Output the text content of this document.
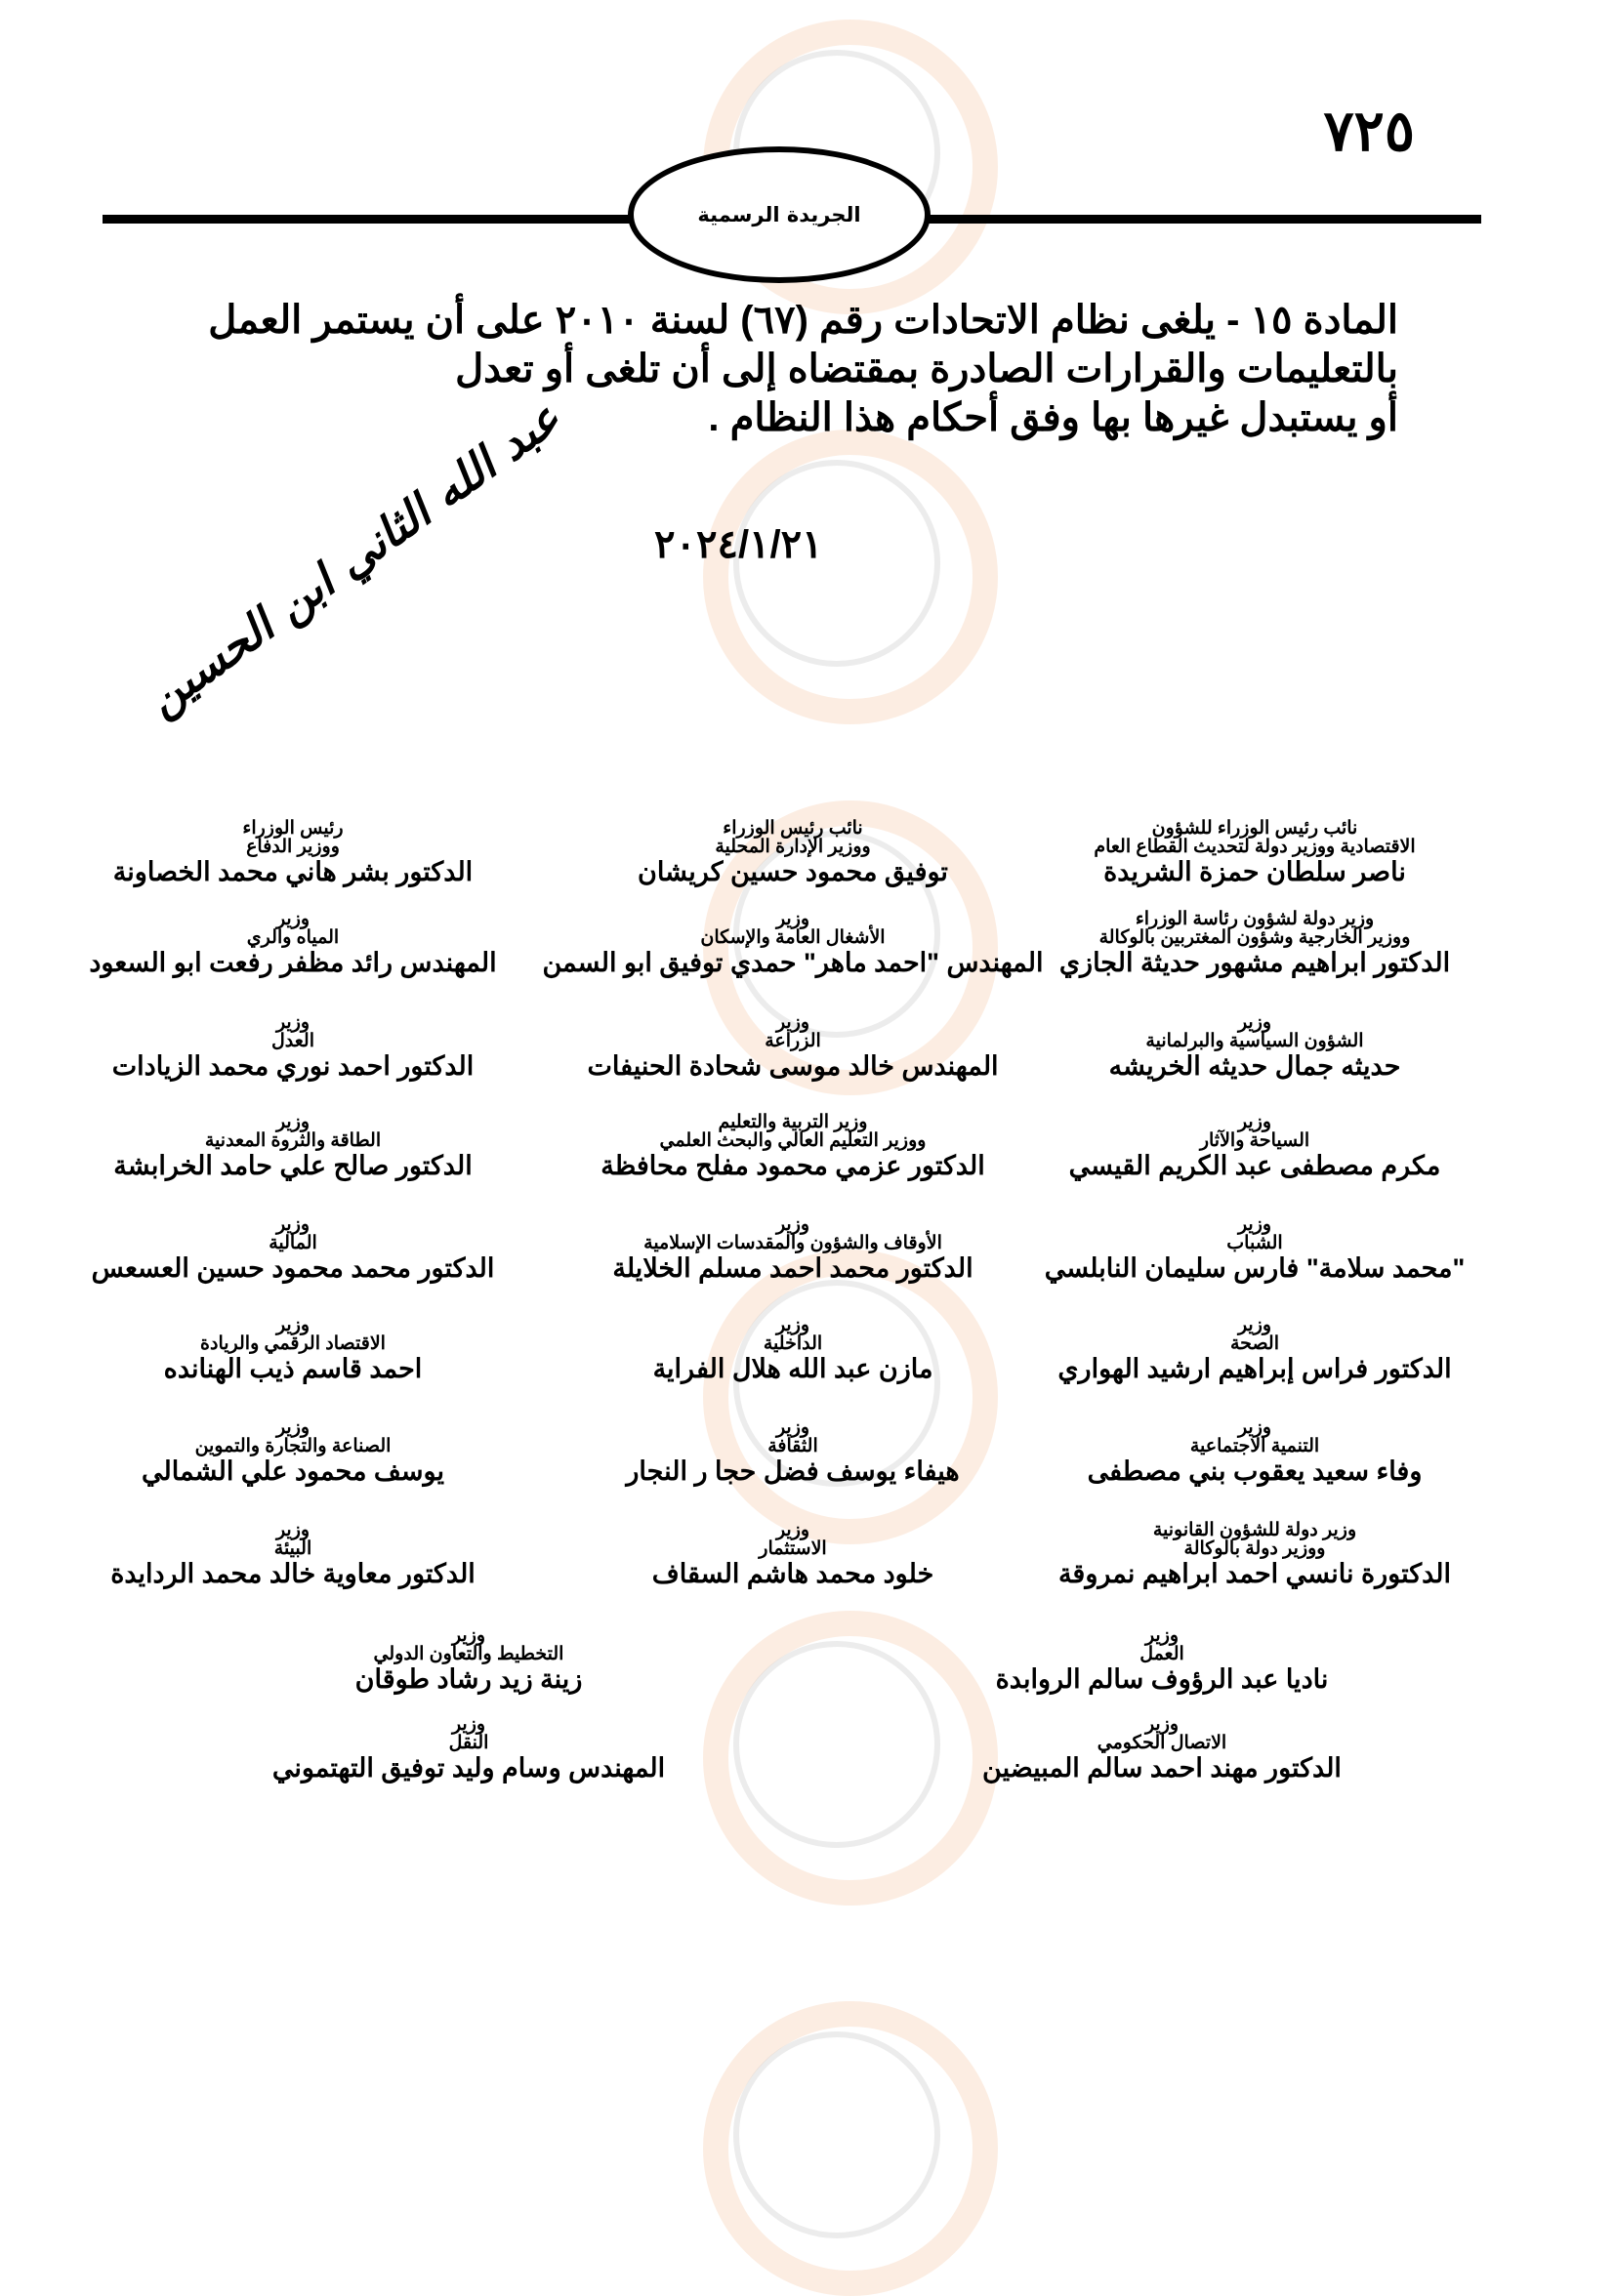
٧٢٥
الجريدة الرسمية

المادة ١٥ - يلغى نظام الاتحادات رقم (٦٧) لسنة ٢٠١٠ على أن يستمر العمل

بالتعليمات والقرارات الصادرة بمقتضاه إلى أن تلغى أو تعدل

أو يستبدل غيرها بها وفق أحكام هذا النظام .

٢٠٢٤/١/٢١
عبد الله الثاني ابن الحسين
نائب رئيس الوزراء للشؤون
الاقتصادية ووزير دولة لتحديث القطاع العام
ناصر سلطان حمزة الشريدة
نائب رئيس الوزراء
ووزير الإدارة المحلية
توفيق محمود حسين كريشان
رئيس الوزراء
ووزير الدفاع
الدكتور بشر هاني محمد الخصاونة
وزير دولة لشؤون رئاسة الوزراء
ووزير الخارجية وشؤون المغتربين بالوكالة
الدكتور ابراهيم مشهور حديثة الجازي
وزير
الأشغال العامة والإسكان
المهندس "احمد ماهر" حمدي توفيق ابو السمن
وزير
المياه والري
المهندس رائد مظفر رفعت ابو السعود
وزير
الشؤون السياسية والبرلمانية
حديثه جمال حديثه الخريشه
وزير
الزراعة
المهندس خالد موسى شحادة الحنيفات
وزير
العدل
الدكتور احمد نوري محمد الزيادات
وزير
السياحة والآثار
مكرم مصطفى عبد الكريم القيسي
وزير التربية والتعليم
ووزير التعليم العالي والبحث العلمي
الدكتور عزمي محمود مفلح محافظة
وزير
الطاقة والثروة المعدنية
الدكتور صالح علي حامد الخرابشة
وزير
الشباب
"محمد سلامة" فارس سليمان النابلسي
وزير
الأوقاف والشؤون والمقدسات الإسلامية
الدكتور محمد احمد مسلم الخلايلة
وزير
المالية
الدكتور محمد محمود حسين العسعس
وزير
الصحة
الدكتور فراس إبراهيم ارشيد الهواري
وزير
الداخلية
مازن عبد الله هلال الفراية
وزير
الاقتصاد الرقمي والريادة
احمد قاسم ذيب الهنانده
وزير
التنمية الاجتماعية
وفاء سعيد يعقوب بني مصطفى
وزير
الثقافة
هيفاء يوسف فضل حجا ر النجار
وزير
الصناعة والتجارة والتموين
يوسف محمود علي الشمالي
وزير دولة للشؤون القانونية
ووزير دولة بالوكالة
الدكتورة نانسي احمد ابراهيم نمروقة
وزير
الاستثمار
خلود محمد هاشم السقاف
وزير
البيئة
الدكتور معاوية خالد محمد الردايدة
وزير
العمل
ناديا عبد الرؤوف سالم الروابدة
وزير
التخطيط والتعاون الدولي
زينة زيد رشاد طوقان
وزير
الاتصال الحكومي
الدكتور مهند احمد سالم المبيضين
وزير
النقل
المهندس وسام وليد توفيق التهتموني
